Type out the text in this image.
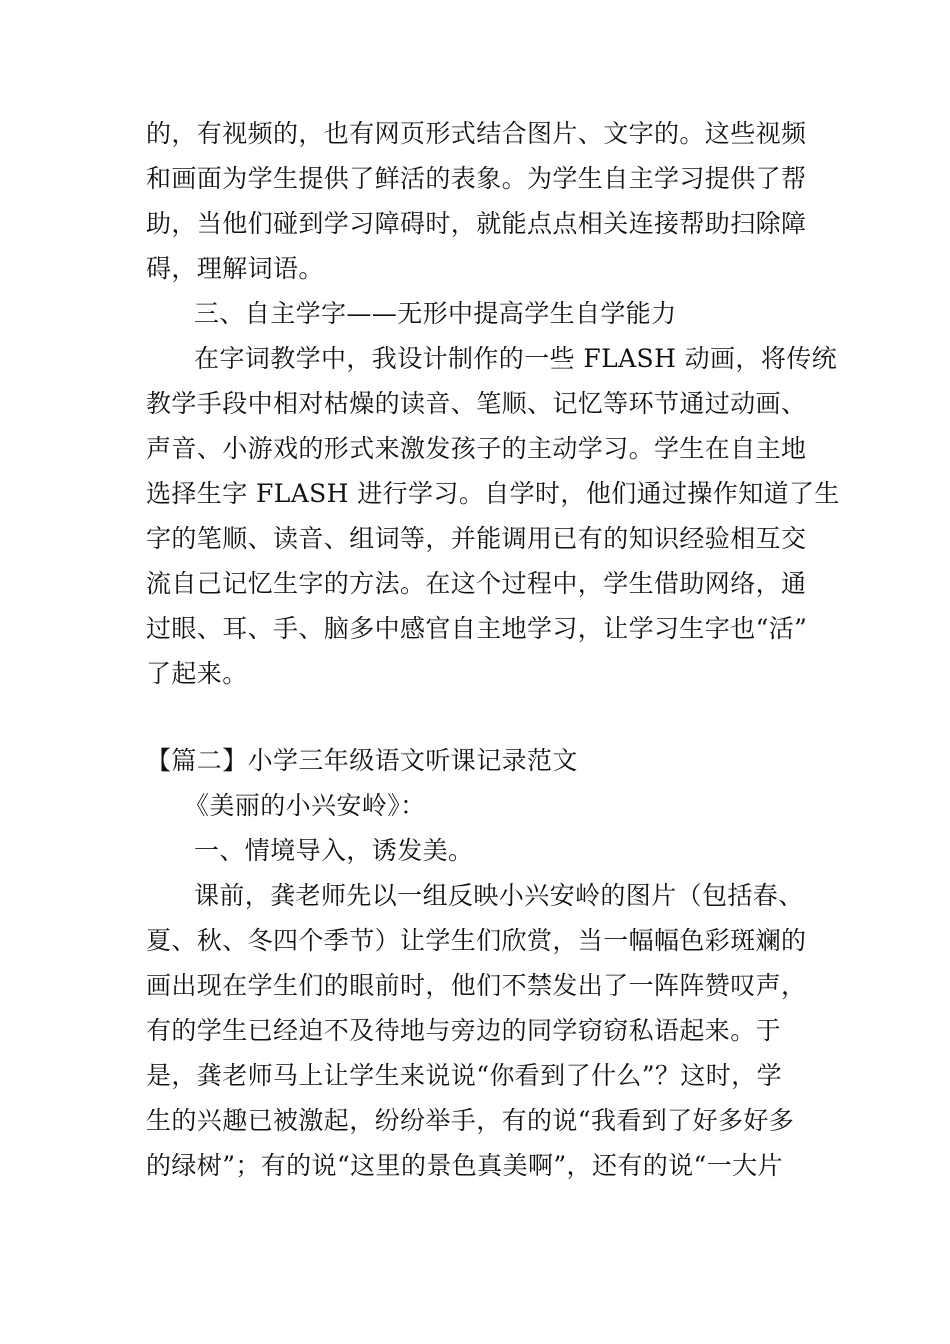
的，有视频的，也有网页形式结合图片、文字的。这些视频
和画面为学生提供了鲜活的表象。为学生自主学习提供了帮
助，当他们碰到学习障碍时，就能点点相关连接帮助扫除障
碍，理解词语。
三、自主学字——无形中提高学生自学能力
在字词教学中，我设计制作的一些 FLASH 动画，将传统
教学手段中相对枯燥的读音、笔顺、记忆等环节通过动画、
声音、小游戏的形式来激发孩子的主动学习。学生在自主地
选择生字 FLASH 进行学习。自学时，他们通过操作知道了生
字的笔顺、读音、组词等，并能调用已有的知识经验相互交
流自己记忆生字的方法。在这个过程中，学生借助网络，通
过眼、耳、手、脑多中感官自主地学习，让学习生字也“活”
了起来。
【篇二】小学三年级语文听课记录范文
《美丽的小兴安岭》：
一、情境导入，诱发美。
课前，龚老师先以一组反映小兴安岭的图片（包括春、
夏、秋、冬四个季节）让学生们欣赏，当一幅幅色彩斑斓的
画出现在学生们的眼前时，他们不禁发出了一阵阵赞叹声，
有的学生已经迫不及待地与旁边的同学窃窃私语起来。于
是，龚老师马上让学生来说说“你看到了什么”？这时，学
生的兴趣已被激起，纷纷举手，有的说“我看到了好多好多
的绿树”；有的说“这里的景色真美啊”，还有的说“一大片
